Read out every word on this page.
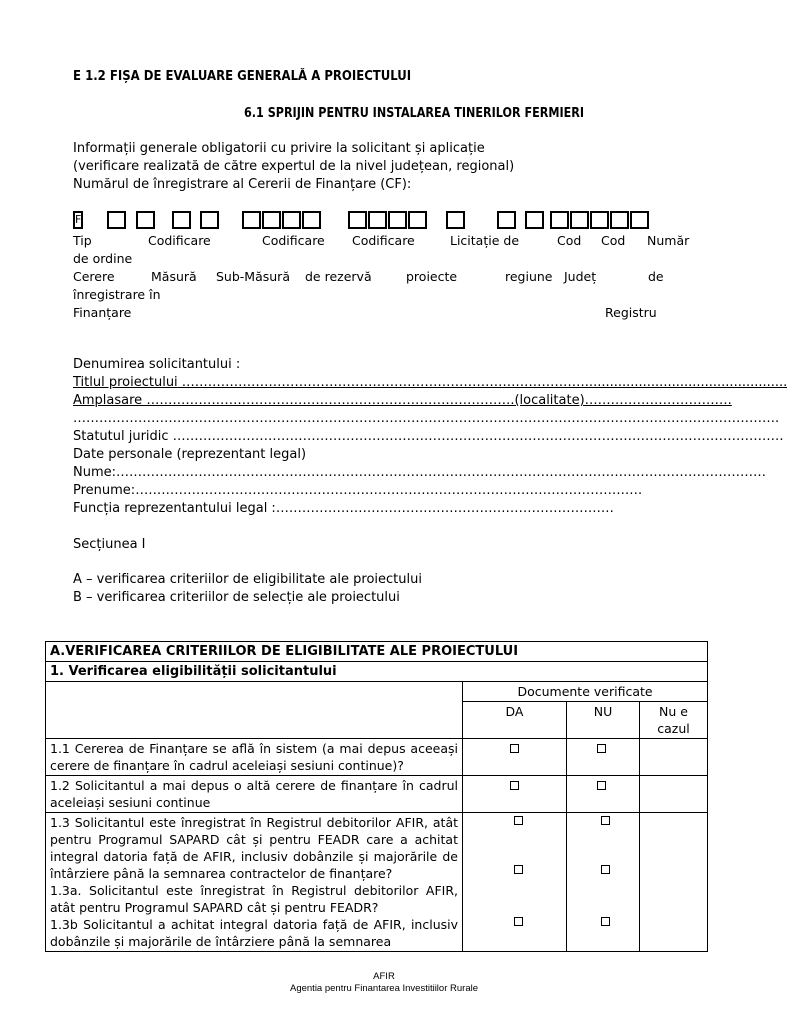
E 1.2 FIȘA DE EVALUARE GENERALĂ A PROIECTULUI
6.1 SPRIJIN PENTRU INSTALAREA TINERILOR FERMIERI
Informații generale obligatorii cu privire la solicitant și aplicație
(verificare realizată de către expertul de la nivel județean, regional)
Numărul de înregistrare al Cererii de Finanțare (CF):
F
Tip	Codificare	Codificare Codificare	Licitație de	Cod Cod Număr
de ordine
Cerere	Măsură Sub-Măsură de rezervă	proiecte	regiune Județ	de
înregistrare în
Finanțare	Registru
Denumirea solicitantului :
Titlul proiectului ………………………………………………………………………………….................................................
Amplasare ………………………………………………………………………….(localitate)…………………………….
……………………………………………………………………………………………………………………………………………….
Statutul juridic ……………………………………………………………………………………………………………………………
Date personale (reprezentant legal)
Nume:……………………………………………………………………………………………………………………………………
Prenume:………………………………………………………………………………………………………
Funcția reprezentantului legal :……………………………………………………………………
Secțiunea I
A – verificarea criteriilor de eligibilitate ale proiectului
B – verificarea criteriilor de selecție ale proiectului
A.VERIFICAREA CRITERIILOR DE ELIGIBILITATE ALE PROIECTULUI			
1. Verificarea eligibilității solicitantului			
	Documente verificate		
	DA	NU	Nu e
cazul
1.1 Cererea de Finanțare se află în sistem (a mai depus aceeași cerere de finanțare în cadrul aceleiași sesiuni continue)?			
1.2 Solicitantul a mai depus o altă cerere de finanțare în cadrul aceleiași sesiuni continue			

1.3 Solicitantul este înregistrat în Registrul debitorilor AFIR, atât pentru Programul SAPARD cât și pentru FEADR care a achitat integral datoria față de AFIR, inclusiv dobânzile și majorările de întârziere până la semnarea contractelor de finanțare?
1.3a. Solicitantul este înregistrat în Registrul debitorilor AFIR, atât pentru Programul SAPARD cât și pentru FEADR?
1.3b Solicitantul a achitat integral datoria față de AFIR, inclusiv dobânzile și majorările de întârziere până la semnarea			

AFIR
Agentia pentru Finantarea Investitiilor Rurale
